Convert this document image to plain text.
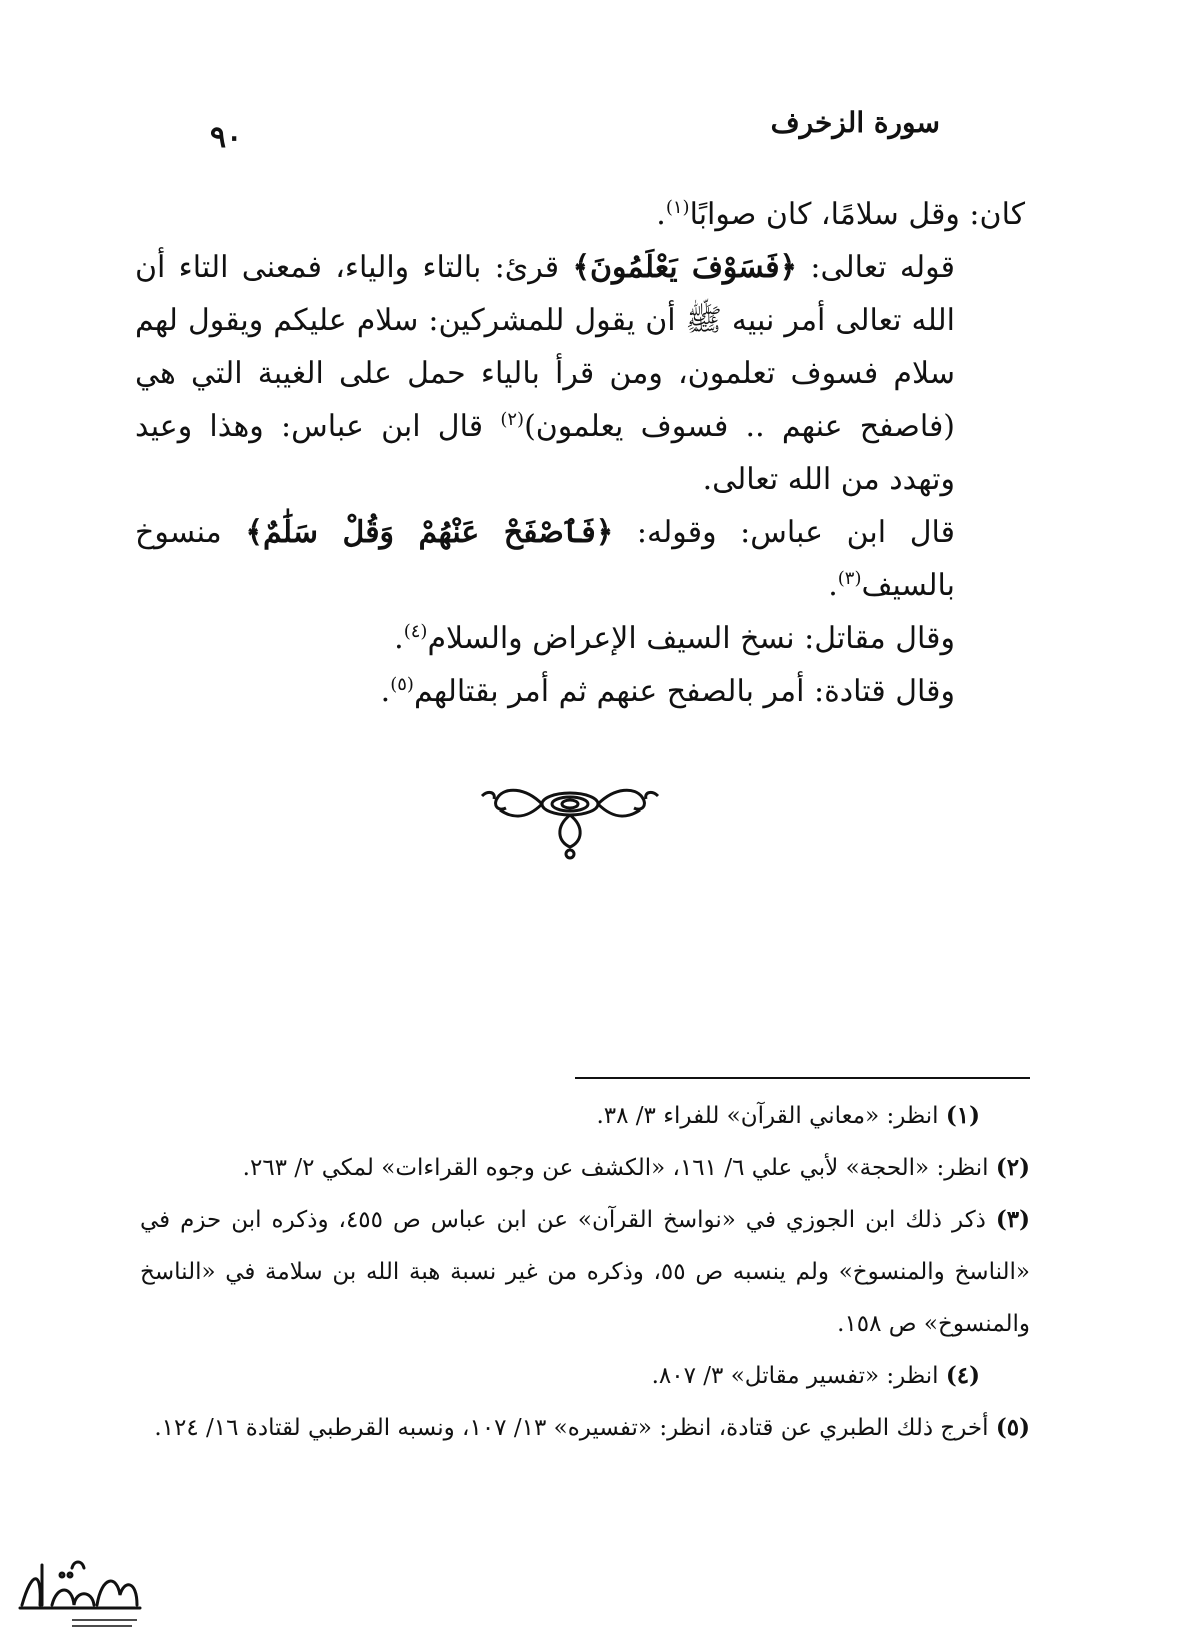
٩٠	سورة الزخرف

كان: وقل سلامًا، كان صوابًا$^{(١)}$.

قوله تعالى: ﴿فَسَوْفَ يَعْلَمُونَ﴾ قرئ: بالتاء والياء، فمعنى التاء أن الله تعالى أمر نبيه ﷺ أن يقول للمشركين: سلام عليكم ويقول لهم سلام فسوف تعلمون، ومن قرأ بالياء حمل على الغيبة التي هي (فاصفح عنهم .. فسوف يعلمون)$^{(٢)}$ قال ابن عباس: وهذا وعيد وتهدد من الله تعالى.

قال ابن عباس: وقوله: ﴿فَٱصْفَحْ عَنْهُمْ وَقُلْ سَلَٰمٌ﴾ منسوخ بالسيف$^{(٣)}$.

وقال مقاتل: نسخ السيف الإعراض والسلام$^{(٤)}$.

وقال قتادة: أمر بالصفح عنهم ثم أمر بقتالهم$^{(٥)}$.

(١) انظر: «معاني القرآن» للفراء ٣/ ٣٨.

(٢) انظر: «الحجة» لأبي علي ٦/ ١٦١، «الكشف عن وجوه القراءات» لمكي ٢/ ٢٦٣.

(٣) ذكر ذلك ابن الجوزي في «نواسخ القرآن» عن ابن عباس ص ٤٥٥، وذكره ابن حزم في «الناسخ والمنسوخ» ولم ينسبه ص ٥٥، وذكره من غير نسبة هبة الله بن سلامة في «الناسخ والمنسوخ» ص ١٥٨.

(٤) انظر: «تفسير مقاتل» ٣/ ٨٠٧.

(٥) أخرج ذلك الطبري عن قتادة، انظر: «تفسيره» ١٣/ ١٠٧، ونسبه القرطبي لقتادة ١٦/ ١٢٤.
